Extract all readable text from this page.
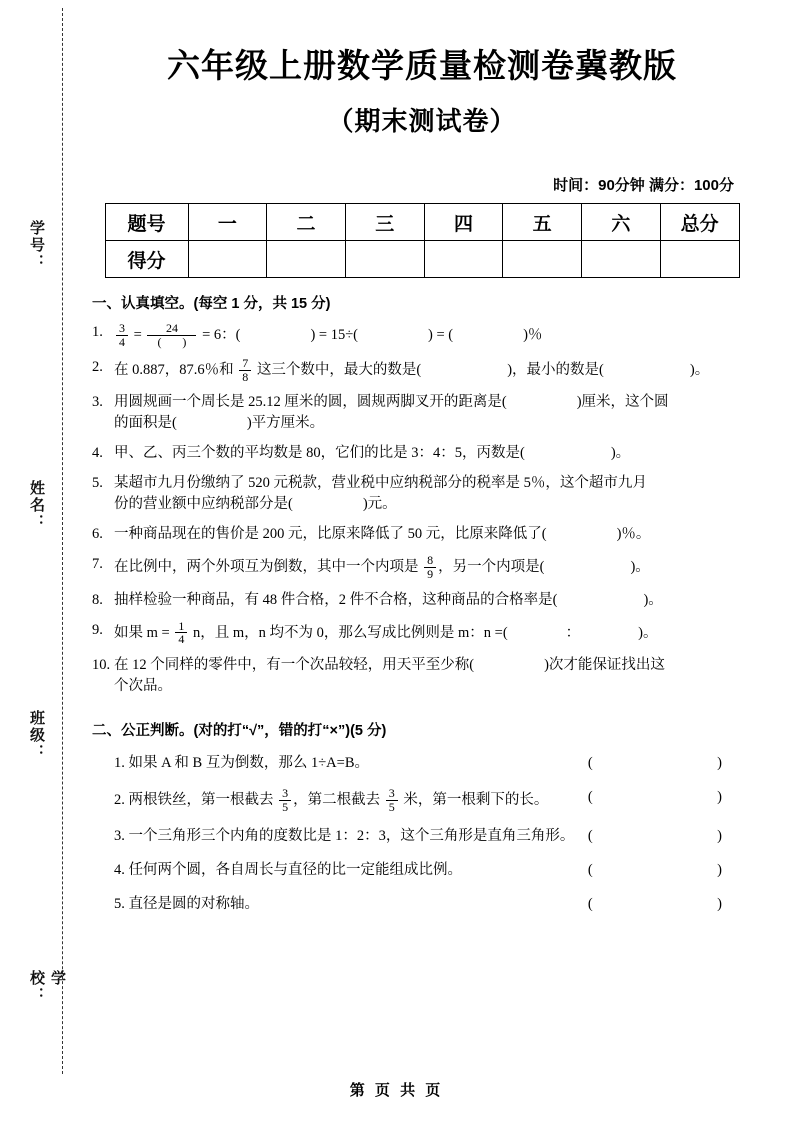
学号：
姓名：
班级：
学校：
六年级上册数学质量检测卷冀教版
（期末测试卷）
时间：90分钟 满分：100分
题号	一	二	三	四	五	六	总分
得分							
一、认真填空。(每空 1 分，共 15 分)
1. $\frac{3}{4} = \frac{24}{( )} = 6$：(	) = 15÷(	) = (	)％
2. 在 0.887，87.6％和 $\frac{7}{8}$ 这三个数中，最大的数是(	)，最小的数是(	)。
3. 用圆规画一个周长是 25.12 厘米的圆，圆规两脚叉开的距离是(	)厘米，这个圆
的面积是(	)平方厘米。
4. 甲、乙、丙三个数的平均数是 80，它们的比是 3：4：5，丙数是(	)。
5. 某超市九月份缴纳了 520 元税款，营业税中应纳税部分的税率是 5％，这个超市九月
份的营业额中应纳税部分是(	)元。
6. 一种商品现在的售价是 200 元，比原来降低了 50 元，比原来降低了(	)％。
7. 在比例中，两个外项互为倒数，其中一个内项是 $\frac{8}{9}$ ，另一个内项是(	)。
8. 抽样检验一种商品，有 48 件合格，2 件不合格，这种商品的合格率是(	)。
9. 如果 $m = \frac{1}{4}$ n，且 m，n 均不为 0，那么写成比例则是 m：n =(	：	)。
10. 在 12 个同样的零件中，有一个次品较轻，用天平至少称(	)次才能保证找出这
个次品。
二、公正判断。(对的打“√”，错的打“×”)(5 分)
1. 如果 A 和 B 互为倒数，那么 1÷A=B。	(    )
2. 两根铁丝，第一根截去 $\frac{3}{5}$ ，第二根截去 $\frac{3}{5}$ 米，第一根剩下的长。	(    )
3. 一个三角形三个内角的度数比是 1：2：3，这个三角形是直角三角形。 (    )
4. 任何两个圆，各自周长与直径的比一定能组成比例。	(    )
5. 直径是圆的对称轴。	(    )
第 页 共 页
